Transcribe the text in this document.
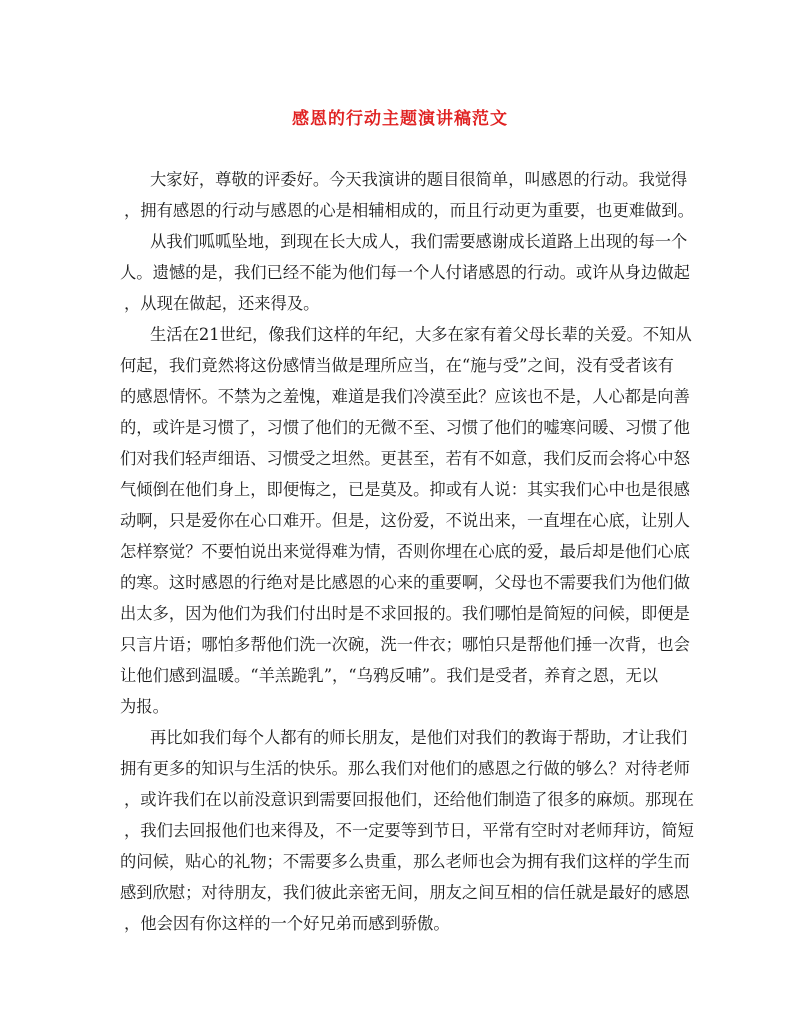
感恩的行动主题演讲稿范文
大家好，尊敬的评委好。今天我演讲的题目很简单，叫感恩的行动。我觉得
，拥有感恩的行动与感恩的心是相辅相成的，而且行动更为重要，也更难做到。
从我们呱呱坠地，到现在长大成人，我们需要感谢成长道路上出现的每一个
人。遗憾的是，我们已经不能为他们每一个人付诸感恩的行动。或许从身边做起
，从现在做起，还来得及。
生活在21世纪，像我们这样的年纪，大多在家有着父母长辈的关爱。不知从
何起，我们竟然将这份感情当做是理所应当，在“施与受”之间，没有受者该有
的感恩情怀。不禁为之羞愧，难道是我们冷漠至此？应该也不是，人心都是向善
的，或许是习惯了，习惯了他们的无微不至、习惯了他们的嘘寒问暖、习惯了他
们对我们轻声细语、习惯受之坦然。更甚至，若有不如意，我们反而会将心中怒
气倾倒在他们身上，即便悔之，已是莫及。抑或有人说：其实我们心中也是很感
动啊，只是爱你在心口难开。但是，这份爱，不说出来，一直埋在心底，让别人
怎样察觉？不要怕说出来觉得难为情，否则你埋在心底的爱，最后却是他们心底
的寒。这时感恩的行绝对是比感恩的心来的重要啊，父母也不需要我们为他们做
出太多，因为他们为我们付出时是不求回报的。我们哪怕是简短的问候，即便是
只言片语；哪怕多帮他们洗一次碗，洗一件衣；哪怕只是帮他们捶一次背，也会
让他们感到温暖。“羊羔跪乳”，“乌鸦反哺”。我们是受者，养育之恩，无以
为报。
再比如我们每个人都有的师长朋友，是他们对我们的教诲于帮助，才让我们
拥有更多的知识与生活的快乐。那么我们对他们的感恩之行做的够么？对待老师
，或许我们在以前没意识到需要回报他们，还给他们制造了很多的麻烦。那现在
，我们去回报他们也来得及，不一定要等到节日，平常有空时对老师拜访，简短
的问候，贴心的礼物；不需要多么贵重，那么老师也会为拥有我们这样的学生而
感到欣慰；对待朋友，我们彼此亲密无间，朋友之间互相的信任就是最好的感恩
，他会因有你这样的一个好兄弟而感到骄傲。
